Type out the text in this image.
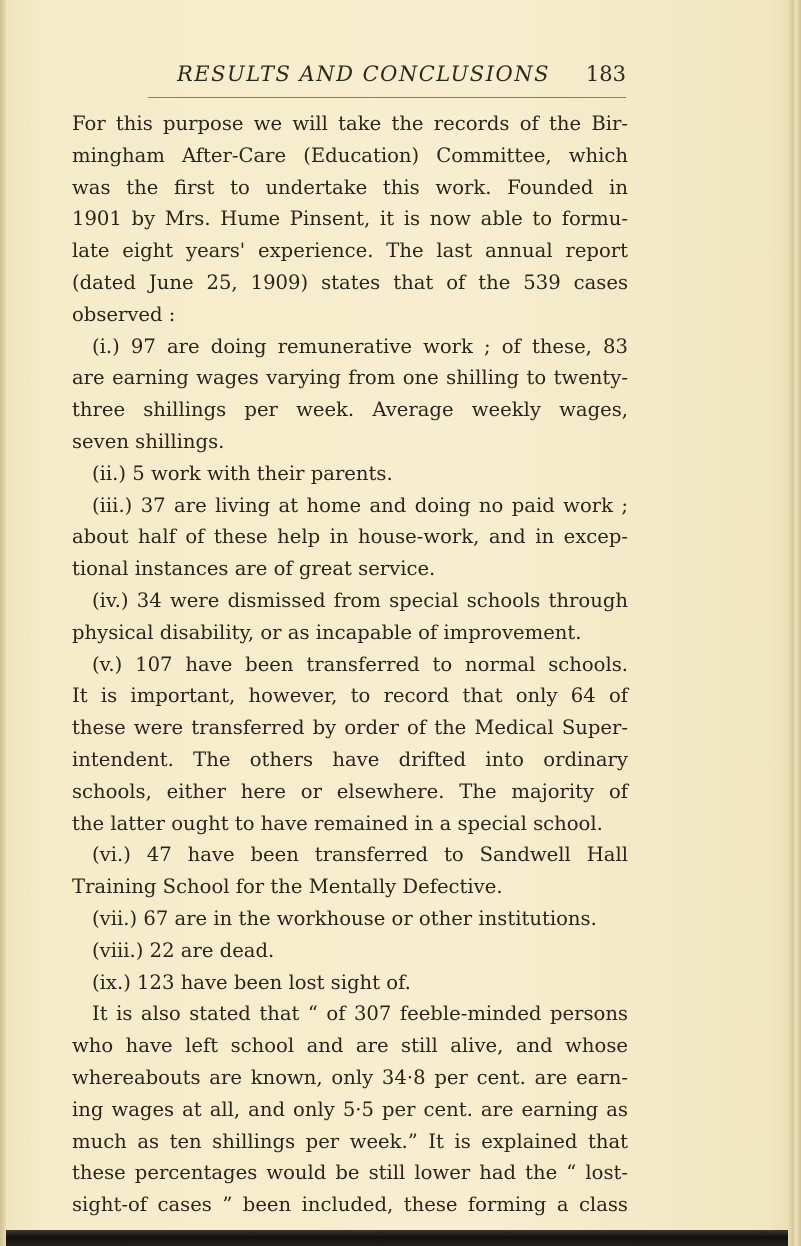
RESULTS AND CONCLUSIONS 183
For this purpose we will take the records of the Bir-
mingham After-Care (Education) Committee, which
was the first to undertake this work. Founded in
1901 by Mrs. Hume Pinsent, it is now able to formu-
late eight years' experience. The last annual report
(dated June 25, 1909) states that of the 539 cases
observed :
(i.) 97 are doing remunerative work ; of these, 83
are earning wages varying from one shilling to twenty-
three shillings per week. Average weekly wages,
seven shillings.
(ii.) 5 work with their parents.
(iii.) 37 are living at home and doing no paid work ;
about half of these help in house-work, and in excep-
tional instances are of great service.
(iv.) 34 were dismissed from special schools through
physical disability, or as incapable of improvement.
(v.) 107 have been transferred to normal schools.
It is important, however, to record that only 64 of
these were transferred by order of the Medical Super-
intendent. The others have drifted into ordinary
schools, either here or elsewhere. The majority of
the latter ought to have remained in a special school.
(vi.) 47 have been transferred to Sandwell Hall
Training School for the Mentally Defective.
(vii.) 67 are in the workhouse or other institutions.
(viii.) 22 are dead.
(ix.) 123 have been lost sight of.
It is also stated that “ of 307 feeble-minded persons
who have left school and are still alive, and whose
whereabouts are known, only 34·8 per cent. are earn-
ing wages at all, and only 5·5 per cent. are earning as
much as ten shillings per week.” It is explained that
these percentages would be still lower had the “ lost-
sight-of cases ” been included, these forming a class
